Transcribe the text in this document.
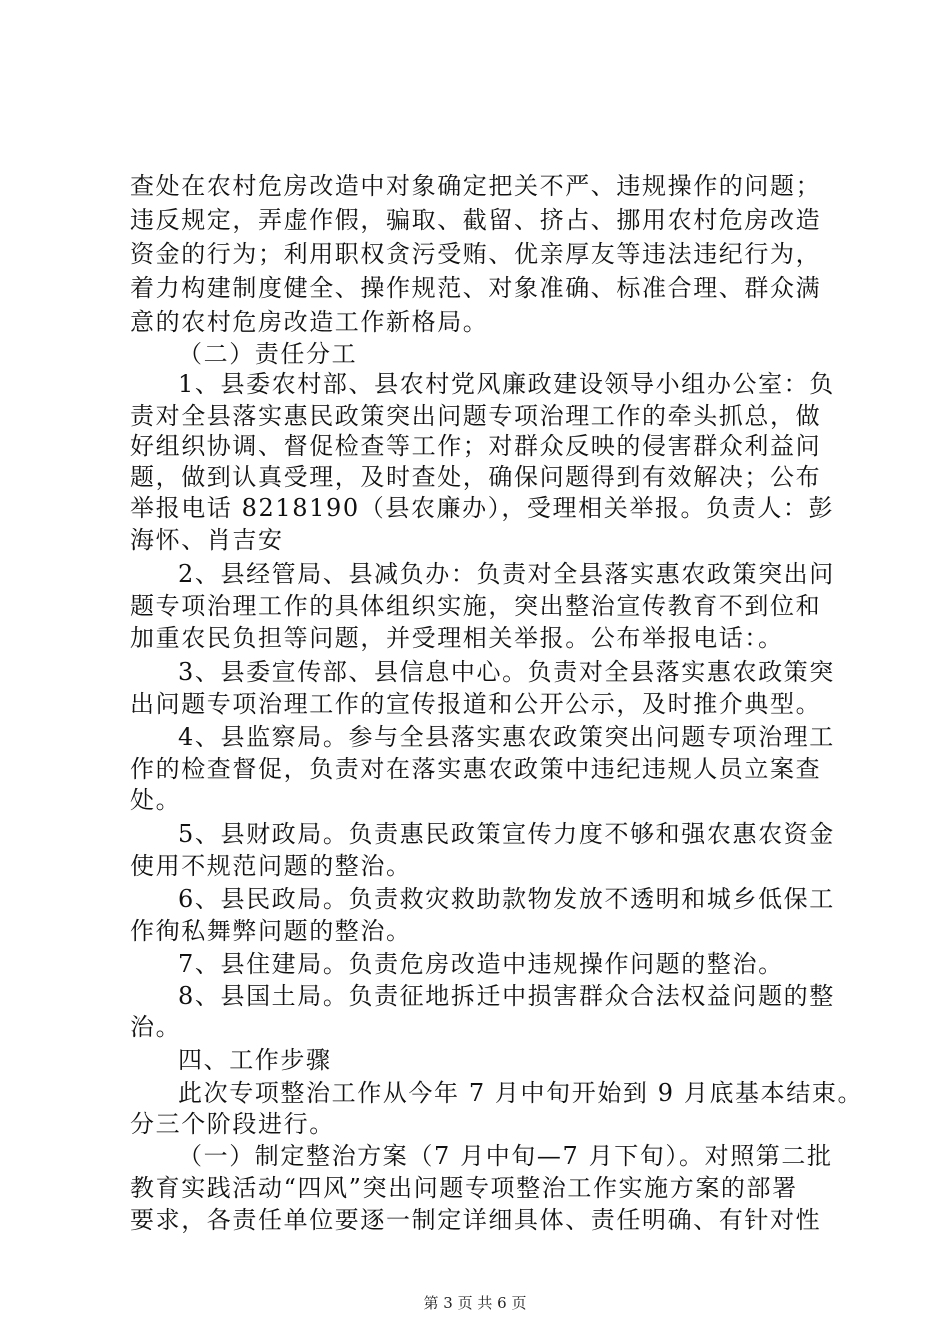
查处在农村危房改造中对象确定把关不严、违规操作的问题；
违反规定，弄虚作假，骗取、截留、挤占、挪用农村危房改造
资金的行为；利用职权贪污受贿、优亲厚友等违法违纪行为，
着力构建制度健全、操作规范、对象准确、标准合理、群众满
意的农村危房改造工作新格局。
（二）责任分工
1、县委农村部、县农村党风廉政建设领导小组办公室：负
责对全县落实惠民政策突出问题专项治理工作的牵头抓总，做
好组织协调、督促检查等工作；对群众反映的侵害群众利益问
题，做到认真受理，及时查处，确保问题得到有效解决；公布
举报电话 8218190（县农廉办），受理相关举报。负责人：彭
海怀、肖吉安
2、县经管局、县减负办：负责对全县落实惠农政策突出问
题专项治理工作的具体组织实施，突出整治宣传教育不到位和
加重农民负担等问题，并受理相关举报。公布举报电话：。
3、县委宣传部、县信息中心。负责对全县落实惠农政策突
出问题专项治理工作的宣传报道和公开公示，及时推介典型。
4、县监察局。参与全县落实惠农政策突出问题专项治理工
作的检查督促，负责对在落实惠农政策中违纪违规人员立案查
处。
5、县财政局。负责惠民政策宣传力度不够和强农惠农资金
使用不规范问题的整治。
6、县民政局。负责救灾救助款物发放不透明和城乡低保工
作徇私舞弊问题的整治。
7、县住建局。负责危房改造中违规操作问题的整治。
8、县国土局。负责征地拆迁中损害群众合法权益问题的整
治。
四、工作步骤
此次专项整治工作从今年 7 月中旬开始到 9 月底基本结束。
分三个阶段进行。
（一）制定整治方案（7 月中旬—7 月下旬）。对照第二批
教育实践活动“四风”突出问题专项整治工作实施方案的部署
要求，各责任单位要逐一制定详细具体、责任明确、有针对性
第 3 页 共 6 页
